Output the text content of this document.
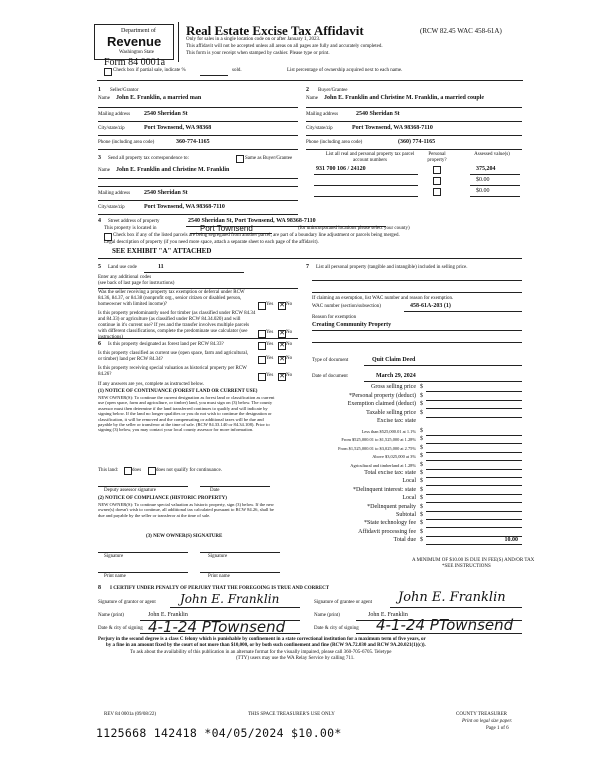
Department of
Revenue
Washington State
Real Estate Excise Tax Affidavit	(RCW 82.45 WAC 458-61A)
Only for sales in a single location code on or after January 1, 2023.
This affidavit will not be accepted unless all areas on all pages are fully and accurately completed.
This form is your receipt when stamped by cashier. Please type or print.
Form 84 0001a
Check box if partial sale, indicate %	sold.	List percentage of ownership acquired next to each name.
1 Seller/Grantor
Name John E. Franklin, a married man
Mailing address 2540 Sheridan St
City/state/zip	Port Townsend, WA 98368
Phone (including area code)	360-774-1165
2 Buyer/Grantee
Name John E. Franklin and Christine M. Franklin, a married couple
Mailing address	2540 Sheridan St
City/state/zip	Port Townsend, WA 98368-7110
Phone (including area code)	(360) 774-1165
3 Send all property tax correspondence to:	Same as Buyer/Grantee
Name John E. Franklin and Christine M. Franklin
Mailing address 2540 Sheridan St
City/state/zip	Port Townsend, WA 98368-7110
List all real and personal property tax parcel account numbers
Personal property?
Assessed value(s)
931 700 106 / 24120	375,204
$0.00
$0.00
4 Street address of property	2540 Sheridan St, Port Townsend, WA 98368-7110
This property is located in	Port Townsend	(for unincorporated locations please select your county)
Check box if any of the listed parcels are being segregated from another parcel, are part of a boundary line adjustment or parcels being merged.
Legal description of property (if you need more space, attach a separate sheet to each page of the affidavit).
SEE EXHIBIT "A" ATTACHED
5 Land use code	11
Enter any additional codes
(see back of last page for instructions)
Was the seller receiving a property tax exemption or deferral under RCW 84.36, 84.37, or 84.38 (nonprofit org., senior citizen or disabled person, homeowner with limited income)?	Yes ✕ No
Is this property predominantly used for timber (as classified under RCW 84.34 and 84.33) or agriculture (as classified under RCW 84.34.020) and will continue in it's current use? If yes and the transfer involves multiple parcels with different classifications, complete the predominate use calculator (see instructions)
Yes ✕ No
6 Is this property designated as forest land per RCW 84.33?	Yes ✕ No
Is this property classified as current use (open space, farm and agricultural, or timber) land per RCW 84.34?	Yes ✕ No
Is this property receiving special valuation as historical property per RCW 84.26?	Yes ✕ No
If any answers are yes, complete as instructed below.
(1) NOTICE OF CONTINUANCE (FOREST LAND OR CURRENT USE)
NEW OWNER(S): To continue the current designation as forest land or classification as current use (open space, farm and agriculture, or timber) land, you must sign on (3) below. The county assessor must then determine if the land transferred continues to qualify and will indicate by signing below. If the land no longer qualifies or you do not wish to continue the designation or classification, it will be removed and the compensating or additional taxes will be due and payable by the seller or transferor at the time of sale. (RCW 84.33.140 or 84.34.108). Prior to signing (3) below, you may contact your local county assessor for more information.
This land:	does	does not qualify for continuance.
Deputy assessor signature	Date
(2) NOTICE OF COMPLIANCE (HISTORIC PROPERTY)
NEW OWNER(S): To continue special valuation as historic property, sign (3) below. If the new owner(s) doesn't wish to continue, all additional tax calculated pursuant to RCW 84.26, shall be due and payable by the seller or transferor at the time of sale.
(3) NEW OWNER(S) SIGNATURE
Signature	Signature
Print name	Print name
7 List all personal property (tangible and intangible) included in selling price.
If claiming an exemption, list WAC number and reason for exemption.
WAC number (section/subsection)	458-61A-203 (1)
Reason for exemption
Creating Community Property
Type of document	Quit Claim Deed
Date of document	March 29, 2024
Gross selling price $
*Personal property (deduct) $
Exemption claimed (deduct) $
Taxable selling price $
Excise tax: state
Less than $525,000.01 at 1.1% $
From $525,000.01 to $1,525,000 at 1.28% $
From $1,525,000.01 to $3,025,000 at 2.75% $
Above $3,025,000 at 3% $
Agricultural and timberland at 1.28% $
Total excise tax: state $
Local $
*Delinquent interest: state $
Local $
*Delinquent penalty $
Subtotal $
*State technology fee $
Affidavit processing fee $
Total due $	10.00
A MINIMUM OF $10.00 IS DUE IN FEE(S) AND/OR TAX
*SEE INSTRUCTIONS
8 I CERTIFY UNDER PENALTY OF PERJURY THAT THE FOREGOING IS TRUE AND CORRECT
Signature of grantor or agent John E. Franklin	Signature of grantee or agent John E. Franklin
Name (print)	John E. Franklin	Name (print)	John E. Franklin
Date & city of signing 4-1-24 PTownsend	Date & city of signing 4-1-24 PTownsend
Perjury in the second degree is a class C felony which is punishable by confinement in a state correctional institution for a maximum term of five years, or
by a fine in an amount fixed by the court of not more than $10,000, or by both such confinement and fine (RCW 9A.72.030 and RCW 9A.20.021(1)(c)).
To ask about the availability of this publication in an alternate format for the visually impaired, please call 360-705-6705. Teletype
(TTY) users may use the WA Relay Service by calling 711.
REV 84 0001a (09/08/22)	THIS SPACE TREASURER'S USE ONLY	COUNTY TREASURER
Print on legal size paper.
Page 1 of 6
1125668 142418 *04/05/2024 $10.00*
